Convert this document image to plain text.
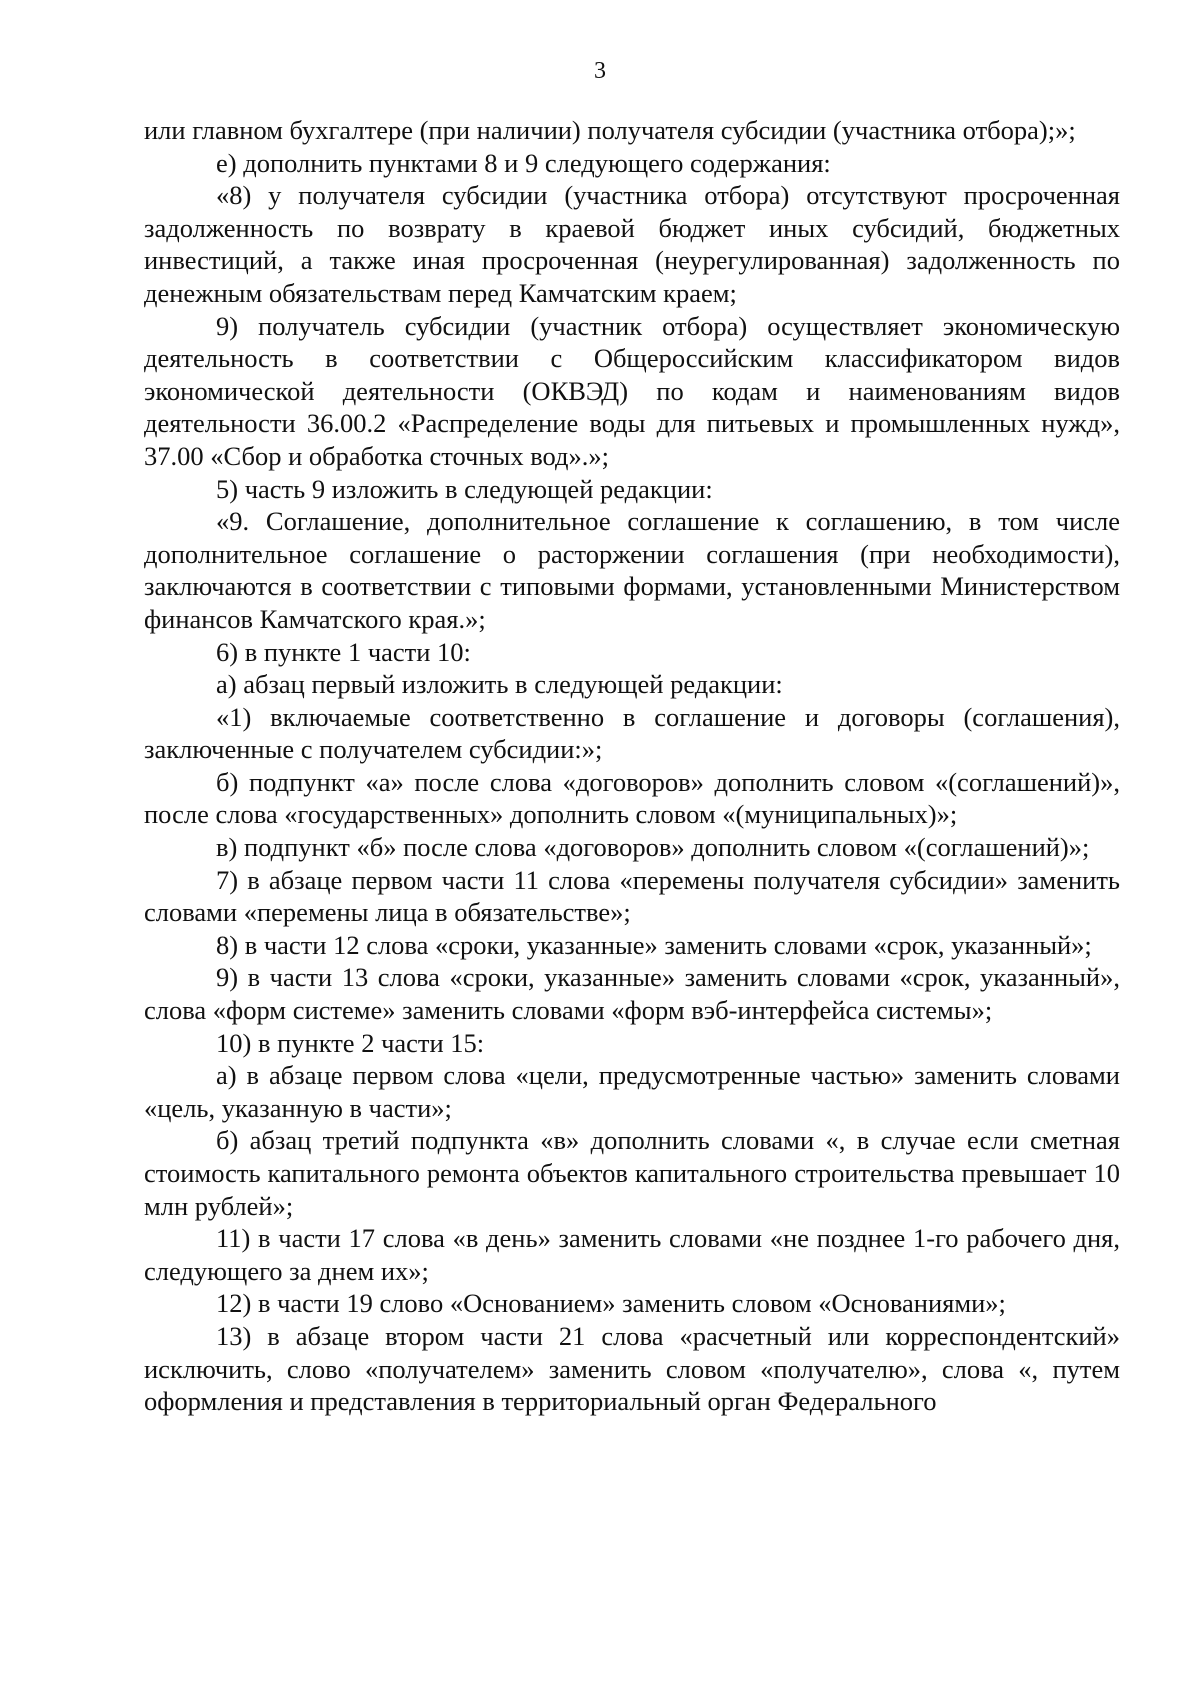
3

или главном бухгалтере (при наличии) получателя субсидии (участника отбора);»;

е) дополнить пунктами 8 и 9 следующего содержания:

«8) у получателя субсидии (участника отбора) отсутствуют просроченная задолженность по возврату в краевой бюджет иных субсидий, бюджетных инвестиций, а также иная просроченная (неурегулированная) задолженность по денежным обязательствам перед Камчатским краем;

9) получатель субсидии (участник отбора) осуществляет экономическую деятельность в соответствии с Общероссийским классификатором видов экономической деятельности (ОКВЭД) по кодам и наименованиям видов деятельности 36.00.2 «Распределение воды для питьевых и промышленных нужд», 37.00 «Сбор и обработка сточных вод».»;

5) часть 9 изложить в следующей редакции:

«9. Соглашение, дополнительное соглашение к соглашению, в том числе дополнительное соглашение о расторжении соглашения (при необходимости), заключаются в соответствии с типовыми формами, установленными Министерством финансов Камчатского края.»;

6) в пункте 1 части 10:

а) абзац первый изложить в следующей редакции:

«1) включаемые соответственно в соглашение и договоры (соглашения), заключенные с получателем субсидии:»;

б) подпункт «а» после слова «договоров» дополнить словом «(соглашений)», после слова «государственных» дополнить словом «(муниципальных)»;

в) подпункт «б» после слова «договоров» дополнить словом «(соглашений)»;

7) в абзаце первом части 11 слова «перемены получателя субсидии» заменить словами «перемены лица в обязательстве»;

8) в части 12 слова «сроки, указанные» заменить словами «срок, указанный»;

9) в части 13 слова «сроки, указанные» заменить словами «срок, указанный», слова «форм системе» заменить словами «форм вэб-интерфейса системы»;

10) в пункте 2 части 15:

а) в абзаце первом слова «цели, предусмотренные частью» заменить словами «цель, указанную в части»;

б) абзац третий подпункта «в» дополнить словами «, в случае если сметная стоимость капитального ремонта объектов капитального строительства превышает 10 млн рублей»;

11) в части 17 слова «в день» заменить словами «не позднее 1-го рабочего дня, следующего за днем их»;

12) в части 19 слово «Основанием» заменить словом «Основаниями»;

13) в абзаце втором части 21 слова «расчетный или корреспондентский» исключить, слово «получателем» заменить словом «получателю», слова «, путем оформления и представления в территориальный орган Федерального
